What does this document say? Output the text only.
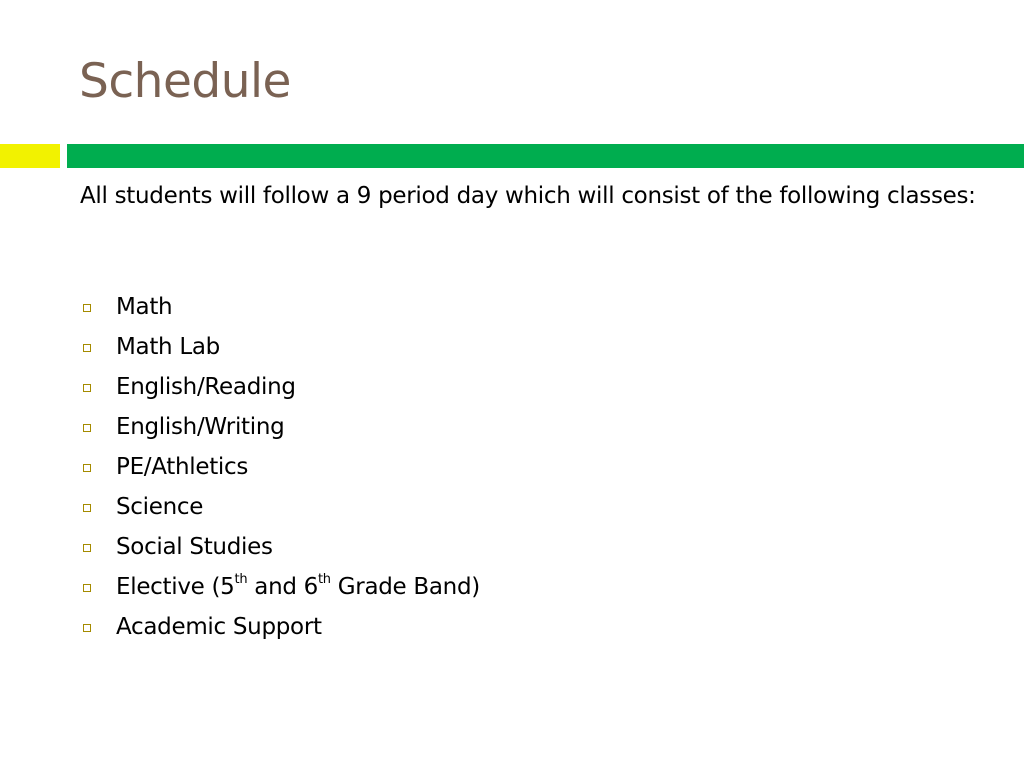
Schedule

All students will follow a 9 period day which will consist of the following classes:

Math
Math Lab
English/Reading
English/Writing
PE/Athletics
Science
Social Studies
Elective (5th and 6th Grade Band)
Academic Support
